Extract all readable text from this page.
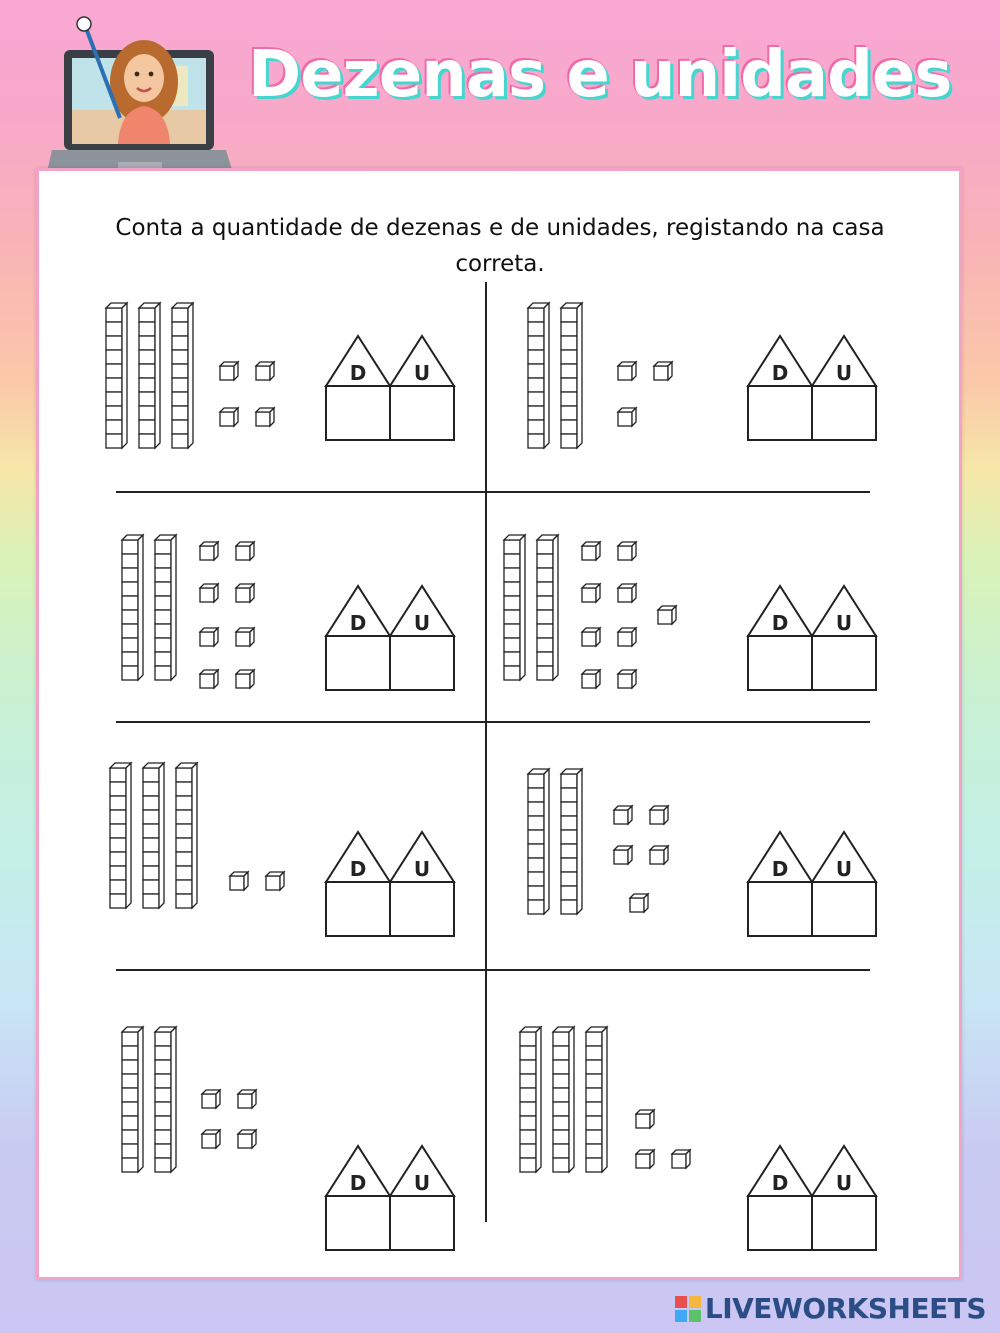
Dezenas e unidades

Conta a quantidade de dezenas e de unidades, registando na casa correta.

D U	D U
D U	D U
D U	D U
D U	D U
LIVEWORKSHEETS
